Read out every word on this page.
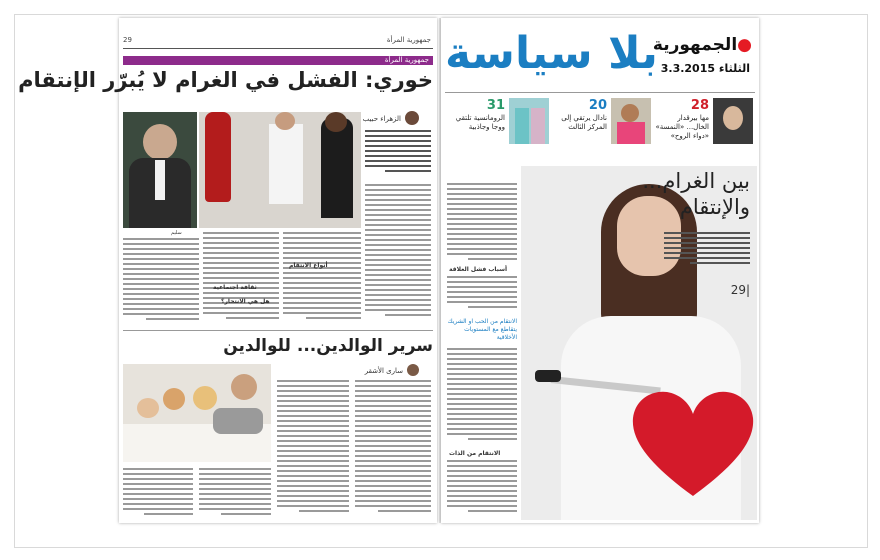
29	جمهورية المرأة
جمهورية المرأة
خوري: الفشل في الغرام لا يُبرّر الإنتقام
الزهراء حبيب
سليم
أنواع الانتقام
ثقافة اجتماعية
هل هي الانتحار؟
سرير الوالدين... للوالدين
سارى الأشقر
●الجمهورية
بلا سياسة	الثلثاء 3.3.2015
28
مها بيرقدار الخال... «النمسة» «دواء الروح»
20
نادال يرتقي إلى المركز الثالث
31
الرومانسية تلتقي ووجا وجاذبية
أسباب فشل العلاقة
الانتقام من الحب او الشريك يتقاطع مع المستويات الأخلاقية
الانتقام من الذات
بين الغرام...
والإنتقام
29|
